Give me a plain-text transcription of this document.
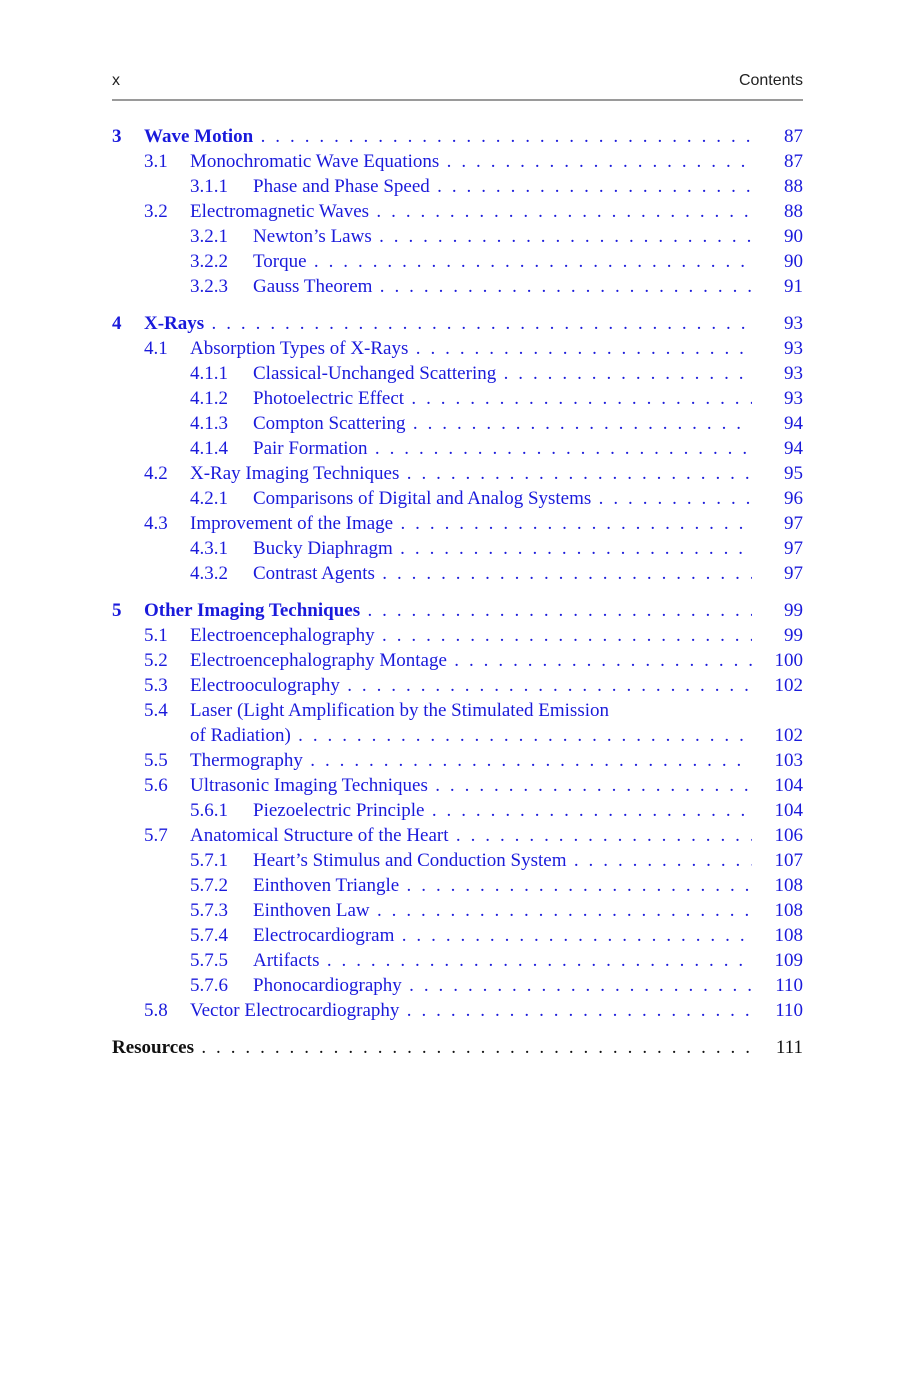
x	Contents
3 Wave Motion . . .	87
3.1 Monochromatic Wave Equations . . .	87
3.1.1 Phase and Phase Speed . . .	88
3.2 Electromagnetic Waves . . .	88
3.2.1 Newton’s Laws . . .	90
3.2.2 Torque . . .	90
3.2.3 Gauss Theorem . . .	91
4 X-Rays . . .	93
4.1 Absorption Types of X-Rays . . .	93
4.1.1 Classical-Unchanged Scattering . . .	93
4.1.2 Photoelectric Effect . . .	93
4.1.3 Compton Scattering . . .	94
4.1.4 Pair Formation . . .	94
4.2 X-Ray Imaging Techniques . . .	95
4.2.1 Comparisons of Digital and Analog Systems . . .	96
4.3 Improvement of the Image . . .	97
4.3.1 Bucky Diaphragm . . .	97
4.3.2 Contrast Agents . . .	97
5 Other Imaging Techniques . . .	99
5.1 Electroencephalography . . .	99
5.2 Electroencephalography Montage . . .	100
5.3 Electrooculography . . .	102
5.4 Laser (Light Amplification by the Stimulated Emission
of Radiation) . . .	102
5.5 Thermography . . .	103
5.6 Ultrasonic Imaging Techniques . . .	104
5.6.1 Piezoelectric Principle . . .	104
5.7 Anatomical Structure of the Heart . . .	106
5.7.1 Heart’s Stimulus and Conduction System . . .	107
5.7.2 Einthoven Triangle . . .	108
5.7.3 Einthoven Law . . .	108
5.7.4 Electrocardiogram . . .	108
5.7.5 Artifacts . . .	109
5.7.6 Phonocardiography . . .	110
5.8 Vector Electrocardiography . . .	110
Resources . . .	111
